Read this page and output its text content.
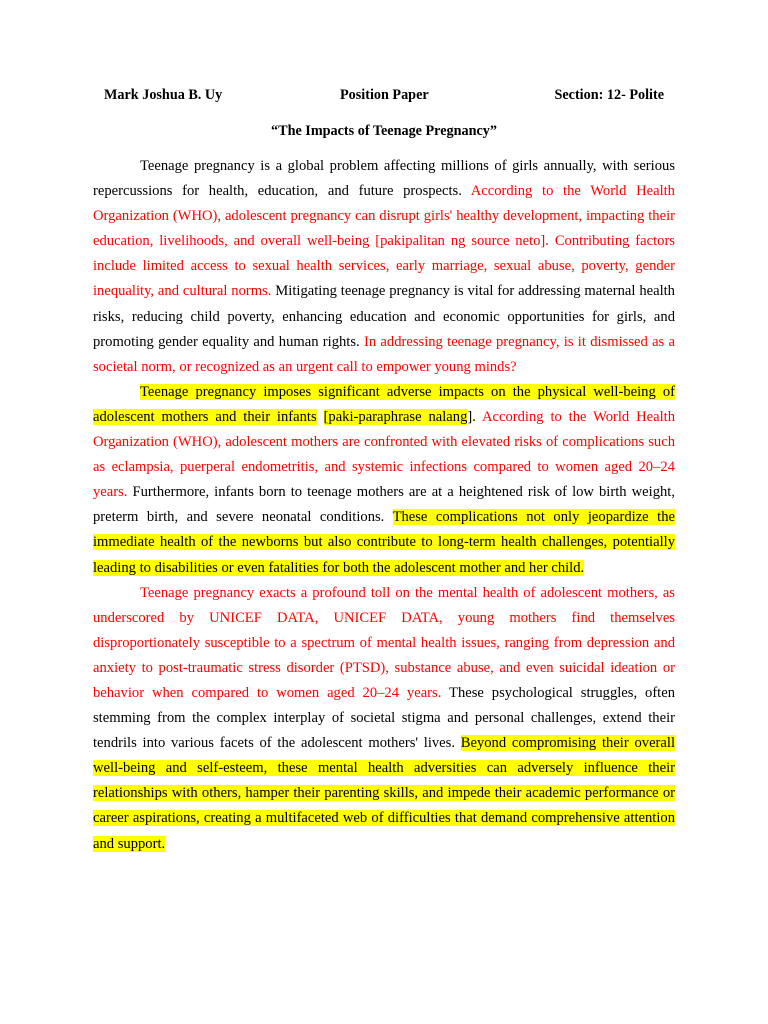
Mark Joshua B. Uy	Position Paper	Section: 12- Polite
“The Impacts of Teenage Pregnancy”

Teenage pregnancy is a global problem affecting millions of girls annually, with serious repercussions for health, education, and future prospects. According to the World Health Organization (WHO), adolescent pregnancy can disrupt girls' healthy development, impacting their education, livelihoods, and overall well-being [pakipalitan ng source neto]. Contributing factors include limited access to sexual health services, early marriage, sexual abuse, poverty, gender inequality, and cultural norms. Mitigating teenage pregnancy is vital for addressing maternal health risks, reducing child poverty, enhancing education and economic opportunities for girls, and promoting gender equality and human rights. In addressing teenage pregnancy, is it dismissed as a societal norm, or recognized as an urgent call to empower young minds?

Teenage pregnancy imposes significant adverse impacts on the physical well-being of adolescent mothers and their infants [paki-paraphrase nalang]. According to the World Health Organization (WHO), adolescent mothers are confronted with elevated risks of complications such as eclampsia, puerperal endometritis, and systemic infections compared to women aged 20–24 years. Furthermore, infants born to teenage mothers are at a heightened risk of low birth weight, preterm birth, and severe neonatal conditions. These complications not only jeopardize the immediate health of the newborns but also contribute to long-term health challenges, potentially leading to disabilities or even fatalities for both the adolescent mother and her child.

Teenage pregnancy exacts a profound toll on the mental health of adolescent mothers, as underscored by UNICEF DATA, UNICEF DATA, young mothers find themselves disproportionately susceptible to a spectrum of mental health issues, ranging from depression and anxiety to post-traumatic stress disorder (PTSD), substance abuse, and even suicidal ideation or behavior when compared to women aged 20–24 years. These psychological struggles, often stemming from the complex interplay of societal stigma and personal challenges, extend their tendrils into various facets of the adolescent mothers' lives. Beyond compromising their overall well-being and self-esteem, these mental health adversities can adversely influence their relationships with others, hamper their parenting skills, and impede their academic performance or career aspirations, creating a multifaceted web of difficulties that demand comprehensive attention and support.
